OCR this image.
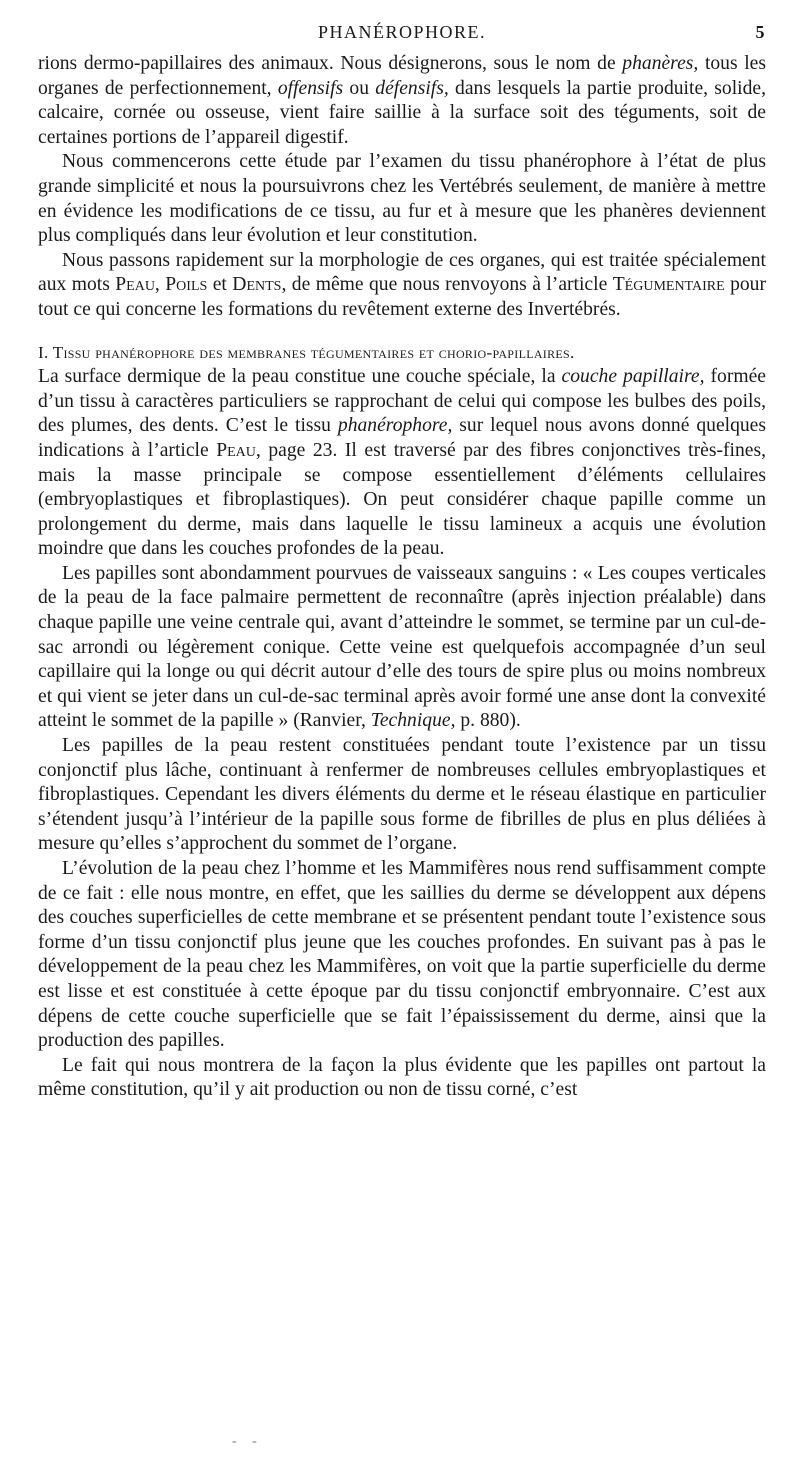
PHANÉROPHORE.	5

rions dermo-papillaires des animaux. Nous désignerons, sous le nom de phanères, tous les organes de perfectionnement, offensifs ou défensifs, dans lesquels la partie produite, solide, calcaire, cornée ou osseuse, vient faire saillie à la surface soit des téguments, soit de certaines portions de l’appareil digestif.

Nous commencerons cette étude par l’examen du tissu phanérophore à l’état de plus grande simplicité et nous la poursuivrons chez les Vertébrés seulement, de manière à mettre en évidence les modifications de ce tissu, au fur et à mesure que les phanères deviennent plus compliqués dans leur évolution et leur constitution.

Nous passons rapidement sur la morphologie de ces organes, qui est traitée spécialement aux mots Peau, Poils et Dents, de même que nous renvoyons à l’article Tégumentaire pour tout ce qui concerne les formations du revêtement externe des Invertébrés.

I. Tissu phanérophore des membranes tégumentaires et chorio-papillaires.

La surface dermique de la peau constitue une couche spéciale, la couche papillaire, formée d’un tissu à caractères particuliers se rapprochant de celui qui compose les bulbes des poils, des plumes, des dents. C’est le tissu phanérophore, sur lequel nous avons donné quelques indications à l’article Peau, page 23. Il est traversé par des fibres conjonctives très-fines, mais la masse principale se compose essentiellement d’éléments cellulaires (embryoplastiques et fibroplastiques). On peut considérer chaque papille comme un prolongement du derme, mais dans laquelle le tissu lamineux a acquis une évolution moindre que dans les couches profondes de la peau.

Les papilles sont abondamment pourvues de vaisseaux sanguins : « Les coupes verticales de la peau de la face palmaire permettent de reconnaître (après injection préalable) dans chaque papille une veine centrale qui, avant d’atteindre le sommet, se termine par un cul-de-sac arrondi ou légèrement conique. Cette veine est quelquefois accompagnée d’un seul capillaire qui la longe ou qui décrit autour d’elle des tours de spire plus ou moins nombreux et qui vient se jeter dans un cul-de-sac terminal après avoir formé une anse dont la convexité atteint le sommet de la papille » (Ranvier, Technique, p. 880).

Les papilles de la peau restent constituées pendant toute l’existence par un tissu conjonctif plus lâche, continuant à renfermer de nombreuses cellules embryoplastiques et fibroplastiques. Cependant les divers éléments du derme et le réseau élastique en particulier s’étendent jusqu’à l’intérieur de la papille sous forme de fibrilles de plus en plus déliées à mesure qu’elles s’approchent du sommet de l’organe.

L’évolution de la peau chez l’homme et les Mammifères nous rend suffisamment compte de ce fait : elle nous montre, en effet, que les saillies du derme se développent aux dépens des couches superficielles de cette membrane et se présentent pendant toute l’existence sous forme d’un tissu conjonctif plus jeune que les couches profondes. En suivant pas à pas le développement de la peau chez les Mammifères, on voit que la partie superficielle du derme est lisse et est constituée à cette époque par du tissu conjonctif embryonnaire. C’est aux dépens de cette couche superficielle que se fait l’épaississement du derme, ainsi que la production des papilles.

Le fait qui nous montrera de la façon la plus évidente que les papilles ont partout la même constitution, qu’il y ait production ou non de tissu corné, c’est

- -
